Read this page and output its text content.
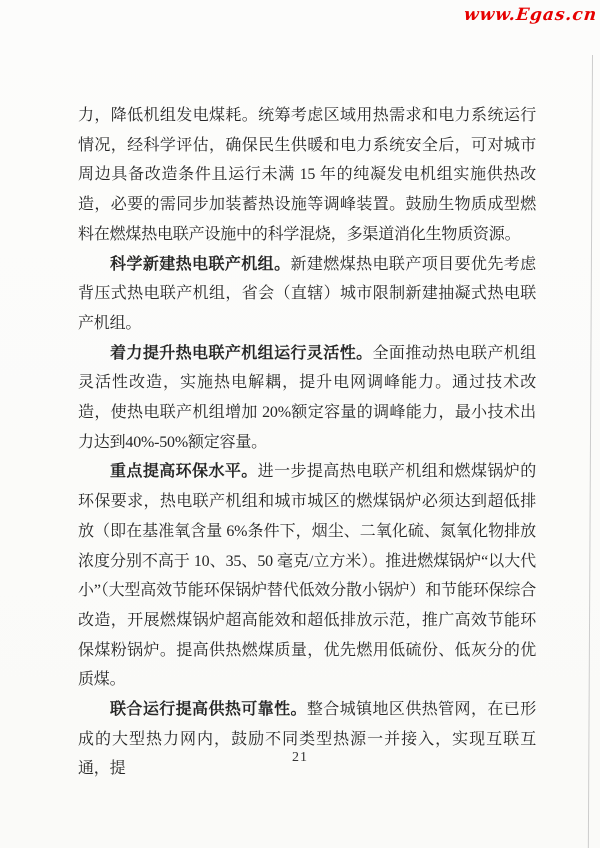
www.Egas.cn

力，降低机组发电煤耗。统筹考虑区域用热需求和电力系统运行情况，经科学评估，确保民生供暖和电力系统安全后，可对城市周边具备改造条件且运行未满 15 年的纯凝发电机组实施供热改造，必要的需同步加装蓄热设施等调峰装置。鼓励生物质成型燃料在燃煤热电联产设施中的科学混烧，多渠道消化生物质资源。

科学新建热电联产机组。新建燃煤热电联产项目要优先考虑背压式热电联产机组，省会（直辖）城市限制新建抽凝式热电联产机组。

着力提升热电联产机组运行灵活性。全面推动热电联产机组灵活性改造，实施热电解耦，提升电网调峰能力。通过技术改造，使热电联产机组增加 20%额定容量的调峰能力，最小技术出力达到40%-50%额定容量。

重点提高环保水平。进一步提高热电联产机组和燃煤锅炉的环保要求，热电联产机组和城市城区的燃煤锅炉必须达到超低排放（即在基准氧含量 6%条件下，烟尘、二氧化硫、氮氧化物排放浓度分别不高于 10、35、50 毫克/立方米）。推进燃煤锅炉“以大代小”（大型高效节能环保锅炉替代低效分散小锅炉）和节能环保综合改造，开展燃煤锅炉超高能效和超低排放示范，推广高效节能环保煤粉锅炉。提高供热燃煤质量，优先燃用低硫份、低灰分的优质煤。

联合运行提高供热可靠性。整合城镇地区供热管网，在已形成的大型热力网内，鼓励不同类型热源一并接入，实现互联互通，提

21
